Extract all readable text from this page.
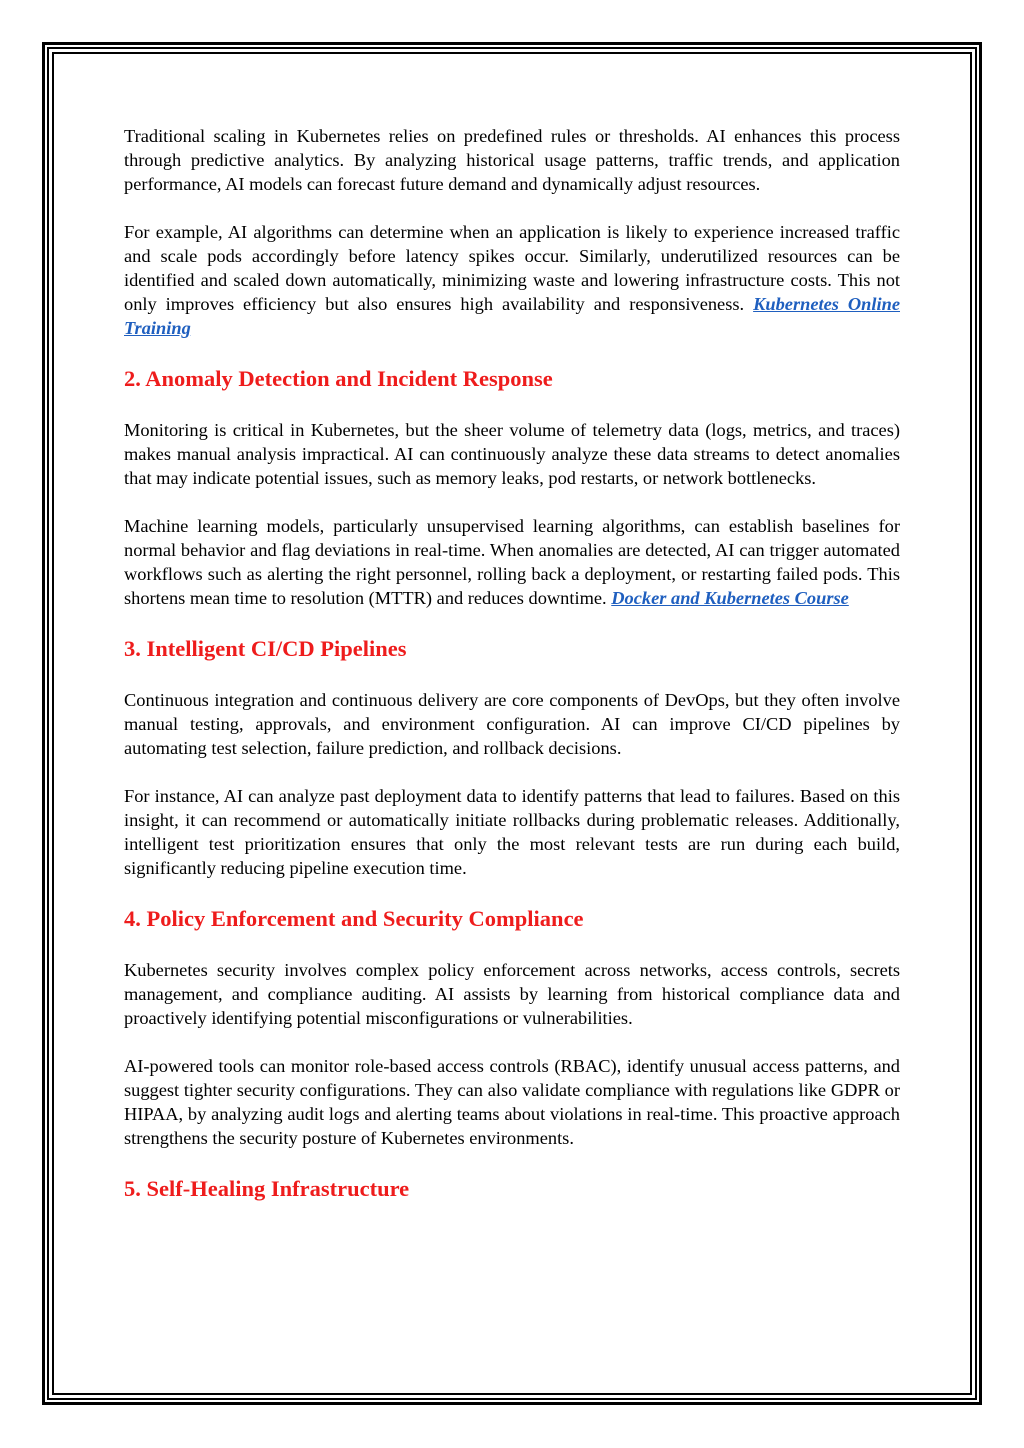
Traditional scaling in Kubernetes relies on predefined rules or thresholds. AI enhances this process through predictive analytics. By analyzing historical usage patterns, traffic trends, and application performance, AI models can forecast future demand and dynamically adjust resources.

For example, AI algorithms can determine when an application is likely to experience increased traffic and scale pods accordingly before latency spikes occur. Similarly, underutilized resources can be identified and scaled down automatically, minimizing waste and lowering infrastructure costs. This not only improves efficiency but also ensures high availability and responsiveness. Kubernetes Online Training

2. Anomaly Detection and Incident Response

Monitoring is critical in Kubernetes, but the sheer volume of telemetry data (logs, metrics, and traces) makes manual analysis impractical. AI can continuously analyze these data streams to detect anomalies that may indicate potential issues, such as memory leaks, pod restarts, or network bottlenecks.

Machine learning models, particularly unsupervised learning algorithms, can establish baselines for normal behavior and flag deviations in real-time. When anomalies are detected, AI can trigger automated workflows such as alerting the right personnel, rolling back a deployment, or restarting failed pods. This shortens mean time to resolution (MTTR) and reduces downtime. Docker and Kubernetes Course

3. Intelligent CI/CD Pipelines

Continuous integration and continuous delivery are core components of DevOps, but they often involve manual testing, approvals, and environment configuration. AI can improve CI/CD pipelines by automating test selection, failure prediction, and rollback decisions.

For instance, AI can analyze past deployment data to identify patterns that lead to failures. Based on this insight, it can recommend or automatically initiate rollbacks during problematic releases. Additionally, intelligent test prioritization ensures that only the most relevant tests are run during each build, significantly reducing pipeline execution time.

4. Policy Enforcement and Security Compliance

Kubernetes security involves complex policy enforcement across networks, access controls, secrets management, and compliance auditing. AI assists by learning from historical compliance data and proactively identifying potential misconfigurations or vulnerabilities.

AI-powered tools can monitor role-based access controls (RBAC), identify unusual access patterns, and suggest tighter security configurations. They can also validate compliance with regulations like GDPR or HIPAA, by analyzing audit logs and alerting teams about violations in real-time. This proactive approach strengthens the security posture of Kubernetes environments.

5. Self-Healing Infrastructure
